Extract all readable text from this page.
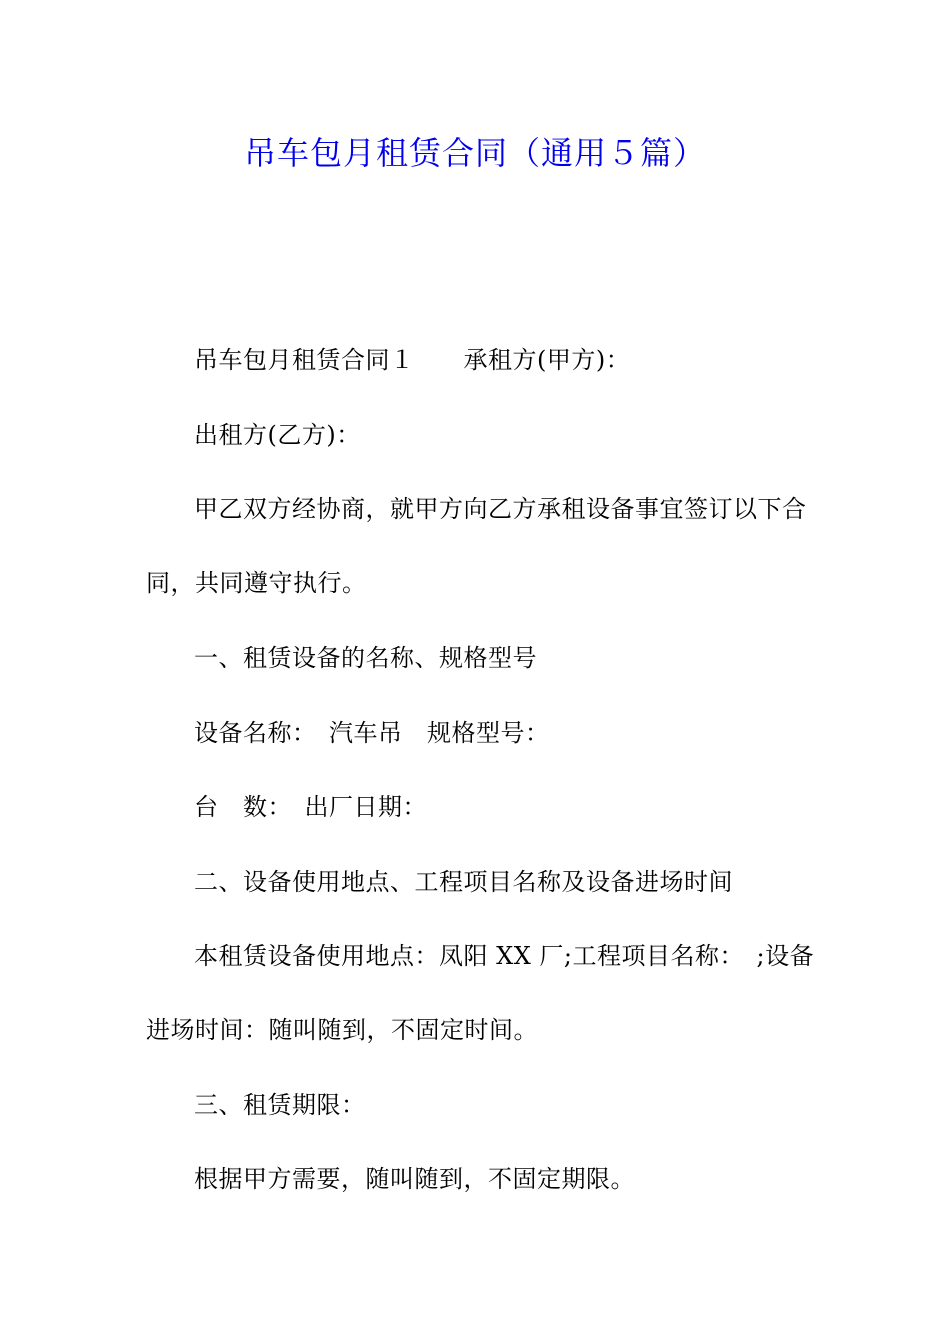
吊车包月租赁合同（通用５篇）
吊车包月租赁合同１　　承租方(甲方)：
出租方(乙方)：
甲乙双方经协商，就甲方向乙方承租设备事宜签订以下合
同，共同遵守执行。
一、租赁设备的名称、规格型号
设备名称：　汽车吊　规格型号：
台　数：　出厂日期：
二、设备使用地点、工程项目名称及设备进场时间
本租赁设备使用地点：凤阳 XX 厂;工程项目名称：　;设备
进场时间：随叫随到，不固定时间。
三、租赁期限：
根据甲方需要，随叫随到，不固定期限。
